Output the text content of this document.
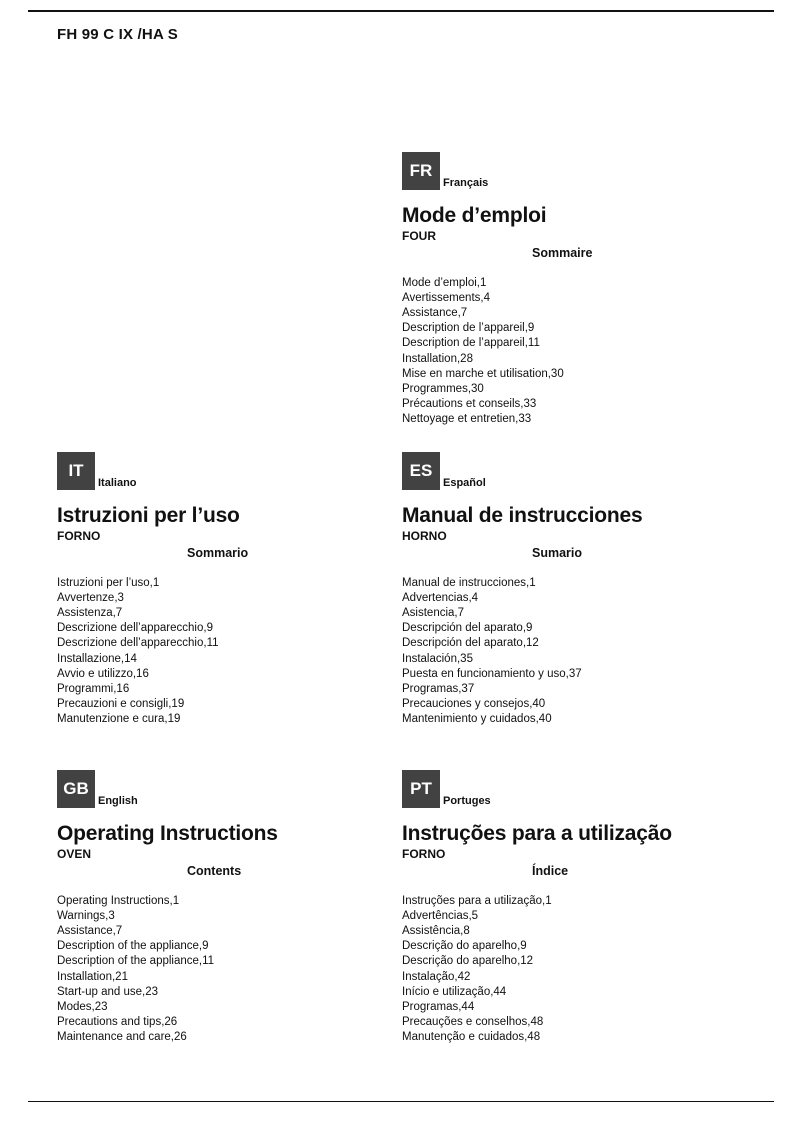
FH 99 C IX /HA S
FR
Français
Mode d’emploi
FOUR
Sommaire
Mode d’emploi,1
Avertissements,4
Assistance,7
Description de l’appareil,9
Description de l’appareil,11
Installation,28
Mise en marche et utilisation,30
Programmes,30
Précautions et conseils,33
Nettoyage et entretien,33
IT
Italiano
Istruzioni per l’uso
FORNO
Sommario
Istruzioni per l’uso,1
Avvertenze,3
Assistenza,7
Descrizione dell’apparecchio,9
Descrizione dell’apparecchio,11
Installazione,14
Avvio e utilizzo,16
Programmi,16
Precauzioni e consigli,19
Manutenzione e cura,19
ES
Español
Manual de instrucciones
HORNO
Sumario
Manual de instrucciones,1
Advertencias,4
Asistencia,7
Descripción del aparato,9
Descripción del aparato,12
Instalación,35
Puesta en funcionamiento y uso,37
Programas,37
Precauciones y consejos,40
Mantenimiento y cuidados,40
GB
English
Operating Instructions
OVEN
Contents
Operating Instructions,1
Warnings,3
Assistance,7
Description of the appliance,9
Description of the appliance,11
Installation,21
Start-up and use,23
Modes,23
Precautions and tips,26
Maintenance and care,26
PT
Portuges
Instruções para a utilização
FORNO
Índice
Instruções para a utilização,1
Advertências,5
Assistência,8
Descrição do aparelho,9
Descrição do aparelho,12
Instalação,42
Início e utilização,44
Programas,44
Precauções e conselhos,48
Manutenção e cuidados,48
